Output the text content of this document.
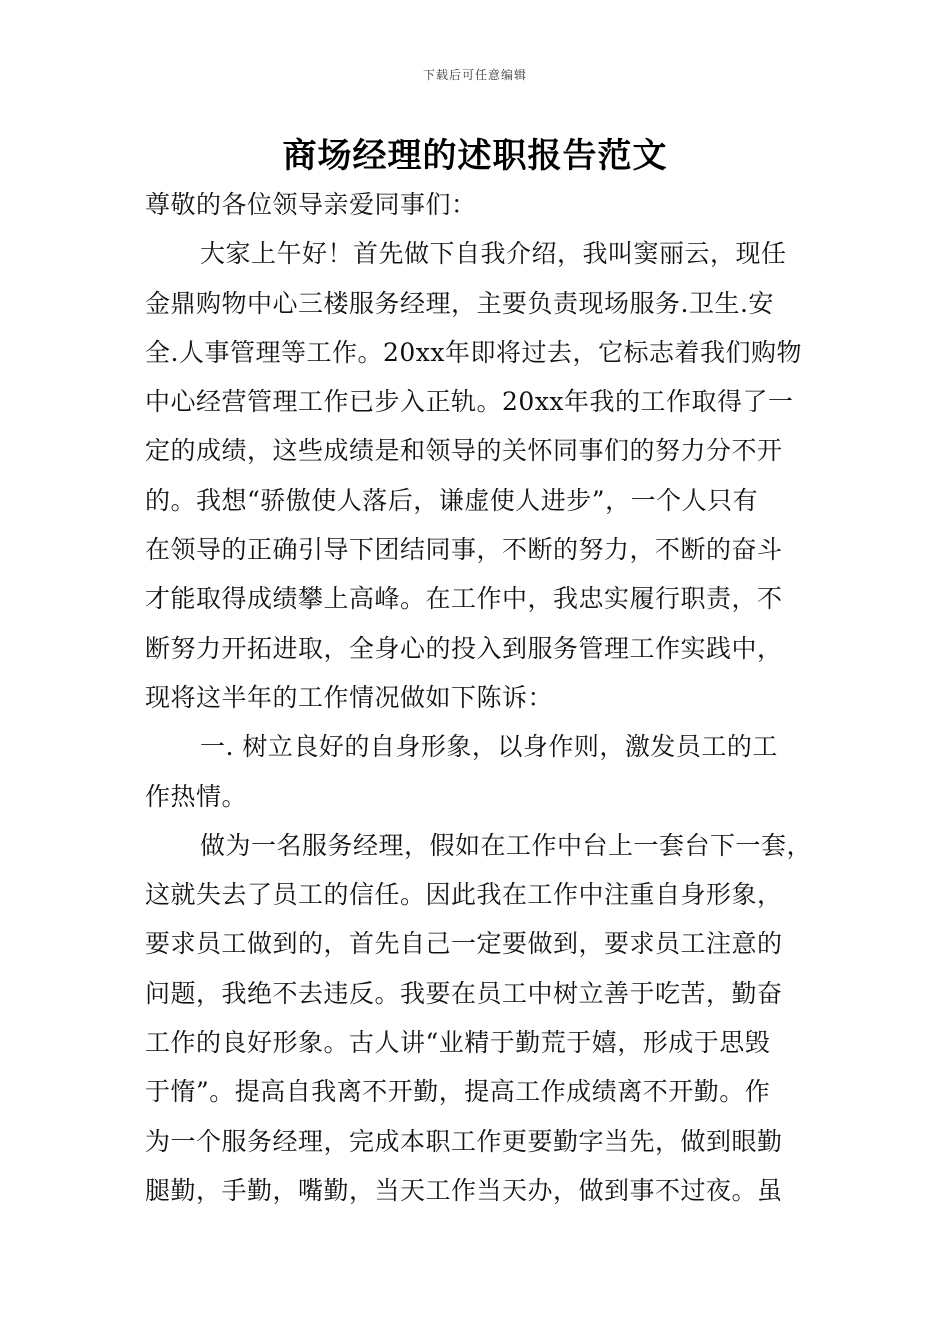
下载后可任意编辑
商场经理的述职报告范文
尊敬的各位领导亲爱同事们：
大家上午好！首先做下自我介绍，我叫窦丽云，现任
金鼎购物中心三楼服务经理，主要负责现场服务.卫生.安
全.人事管理等工作。20xx年即将过去，它标志着我们购物
中心经营管理工作已步入正轨。20xx年我的工作取得了一
定的成绩，这些成绩是和领导的关怀同事们的努力分不开
的。我想“骄傲使人落后，谦虚使人进步”，一个人只有
在领导的正确引导下团结同事，不断的努力，不断的奋斗
才能取得成绩攀上高峰。在工作中，我忠实履行职责，不
断努力开拓进取，全身心的投入到服务管理工作实践中，
现将这半年的工作情况做如下陈诉：
一. 树立良好的自身形象，以身作则，激发员工的工
作热情。
做为一名服务经理，假如在工作中台上一套台下一套，
这就失去了员工的信任。因此我在工作中注重自身形象，
要求员工做到的，首先自己一定要做到，要求员工注意的
问题，我绝不去违反。我要在员工中树立善于吃苦，勤奋
工作的良好形象。古人讲“业精于勤荒于嬉，形成于思毁
于惰”。提高自我离不开勤，提高工作成绩离不开勤。作
为一个服务经理，完成本职工作更要勤字当先，做到眼勤
腿勤，手勤，嘴勤，当天工作当天办，做到事不过夜。虽
